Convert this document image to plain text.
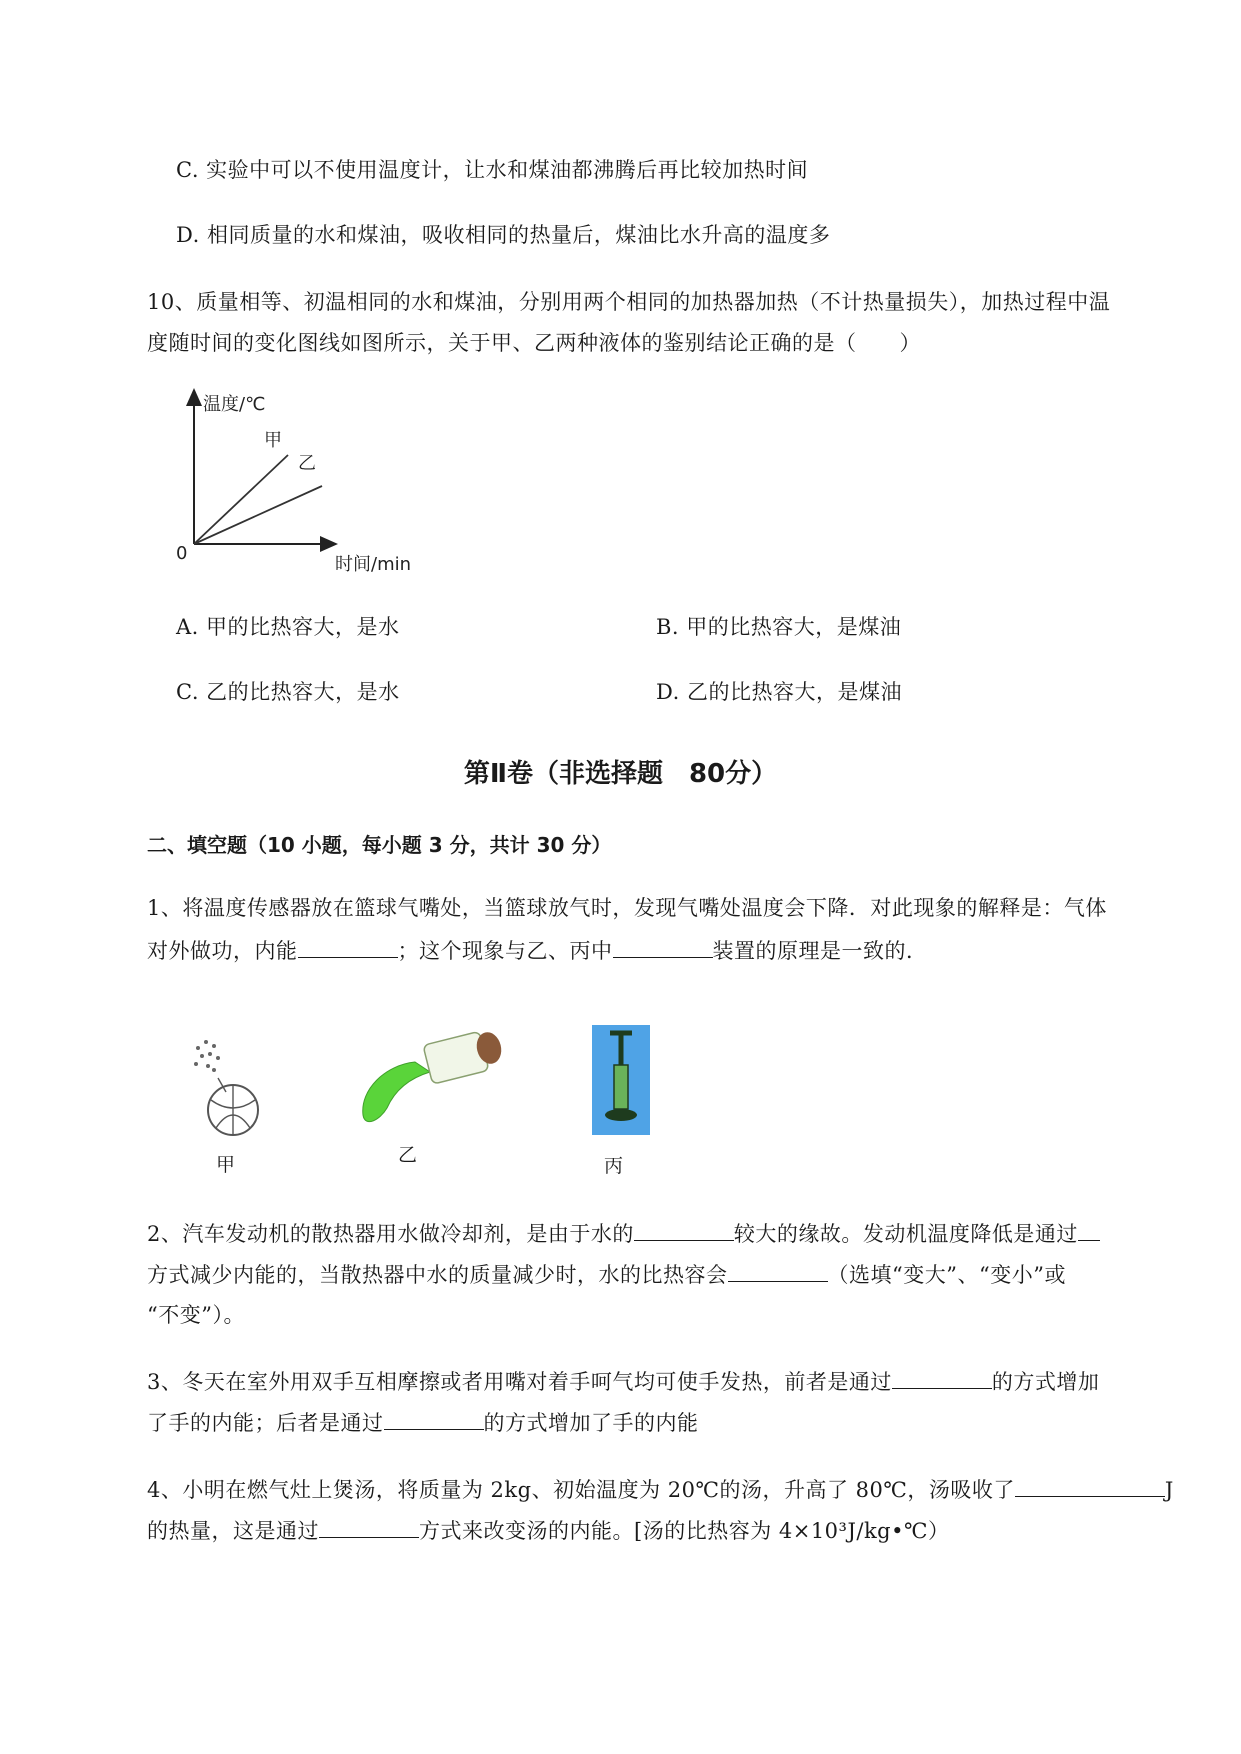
C. 实验中可以不使用温度计，让水和煤油都沸腾后再比较加热时间
D. 相同质量的水和煤油，吸收相同的热量后，煤油比水升高的温度多
10、质量相等、初温相同的水和煤油，分别用两个相同的加热器加热（不计热量损失），加热过程中温
度随时间的变化图线如图所示，关于甲、乙两种液体的鉴别结论正确的是（　　）
温度/℃
时间/min
0
甲
乙
A. 甲的比热容大，是水	B. 甲的比热容大，是煤油
C. 乙的比热容大，是水	D. 乙的比热容大，是煤油
第Ⅱ卷（非选择题　80分）
二、填空题（10 小题，每小题 3 分，共计 30 分）
1、将温度传感器放在篮球气嘴处，当篮球放气时，发现气嘴处温度会下降．对此现象的解释是：气体
对外做功，内能	；这个现象与乙、丙中	装置的原理是一致的．
甲	乙	丙
2、汽车发动机的散热器用水做冷却剂，是由于水的	较大的缘故。发动机温度降低是通过
方式减少内能的，当散热器中水的质量减少时，水的比热容会	（选填“变大”、“变小”或
“不变”）。
3、冬天在室外用双手互相摩擦或者用嘴对着手呵气均可使手发热，前者是通过	的方式增加
了手的内能；后者是通过	的方式增加了手的内能
4、小明在燃气灶上煲汤，将质量为 2kg、初始温度为 20℃的汤，升高了 80℃，汤吸收了	J
的热量，这是通过	方式来改变汤的内能。[汤的比热容为 4×10³J/kg•℃）
